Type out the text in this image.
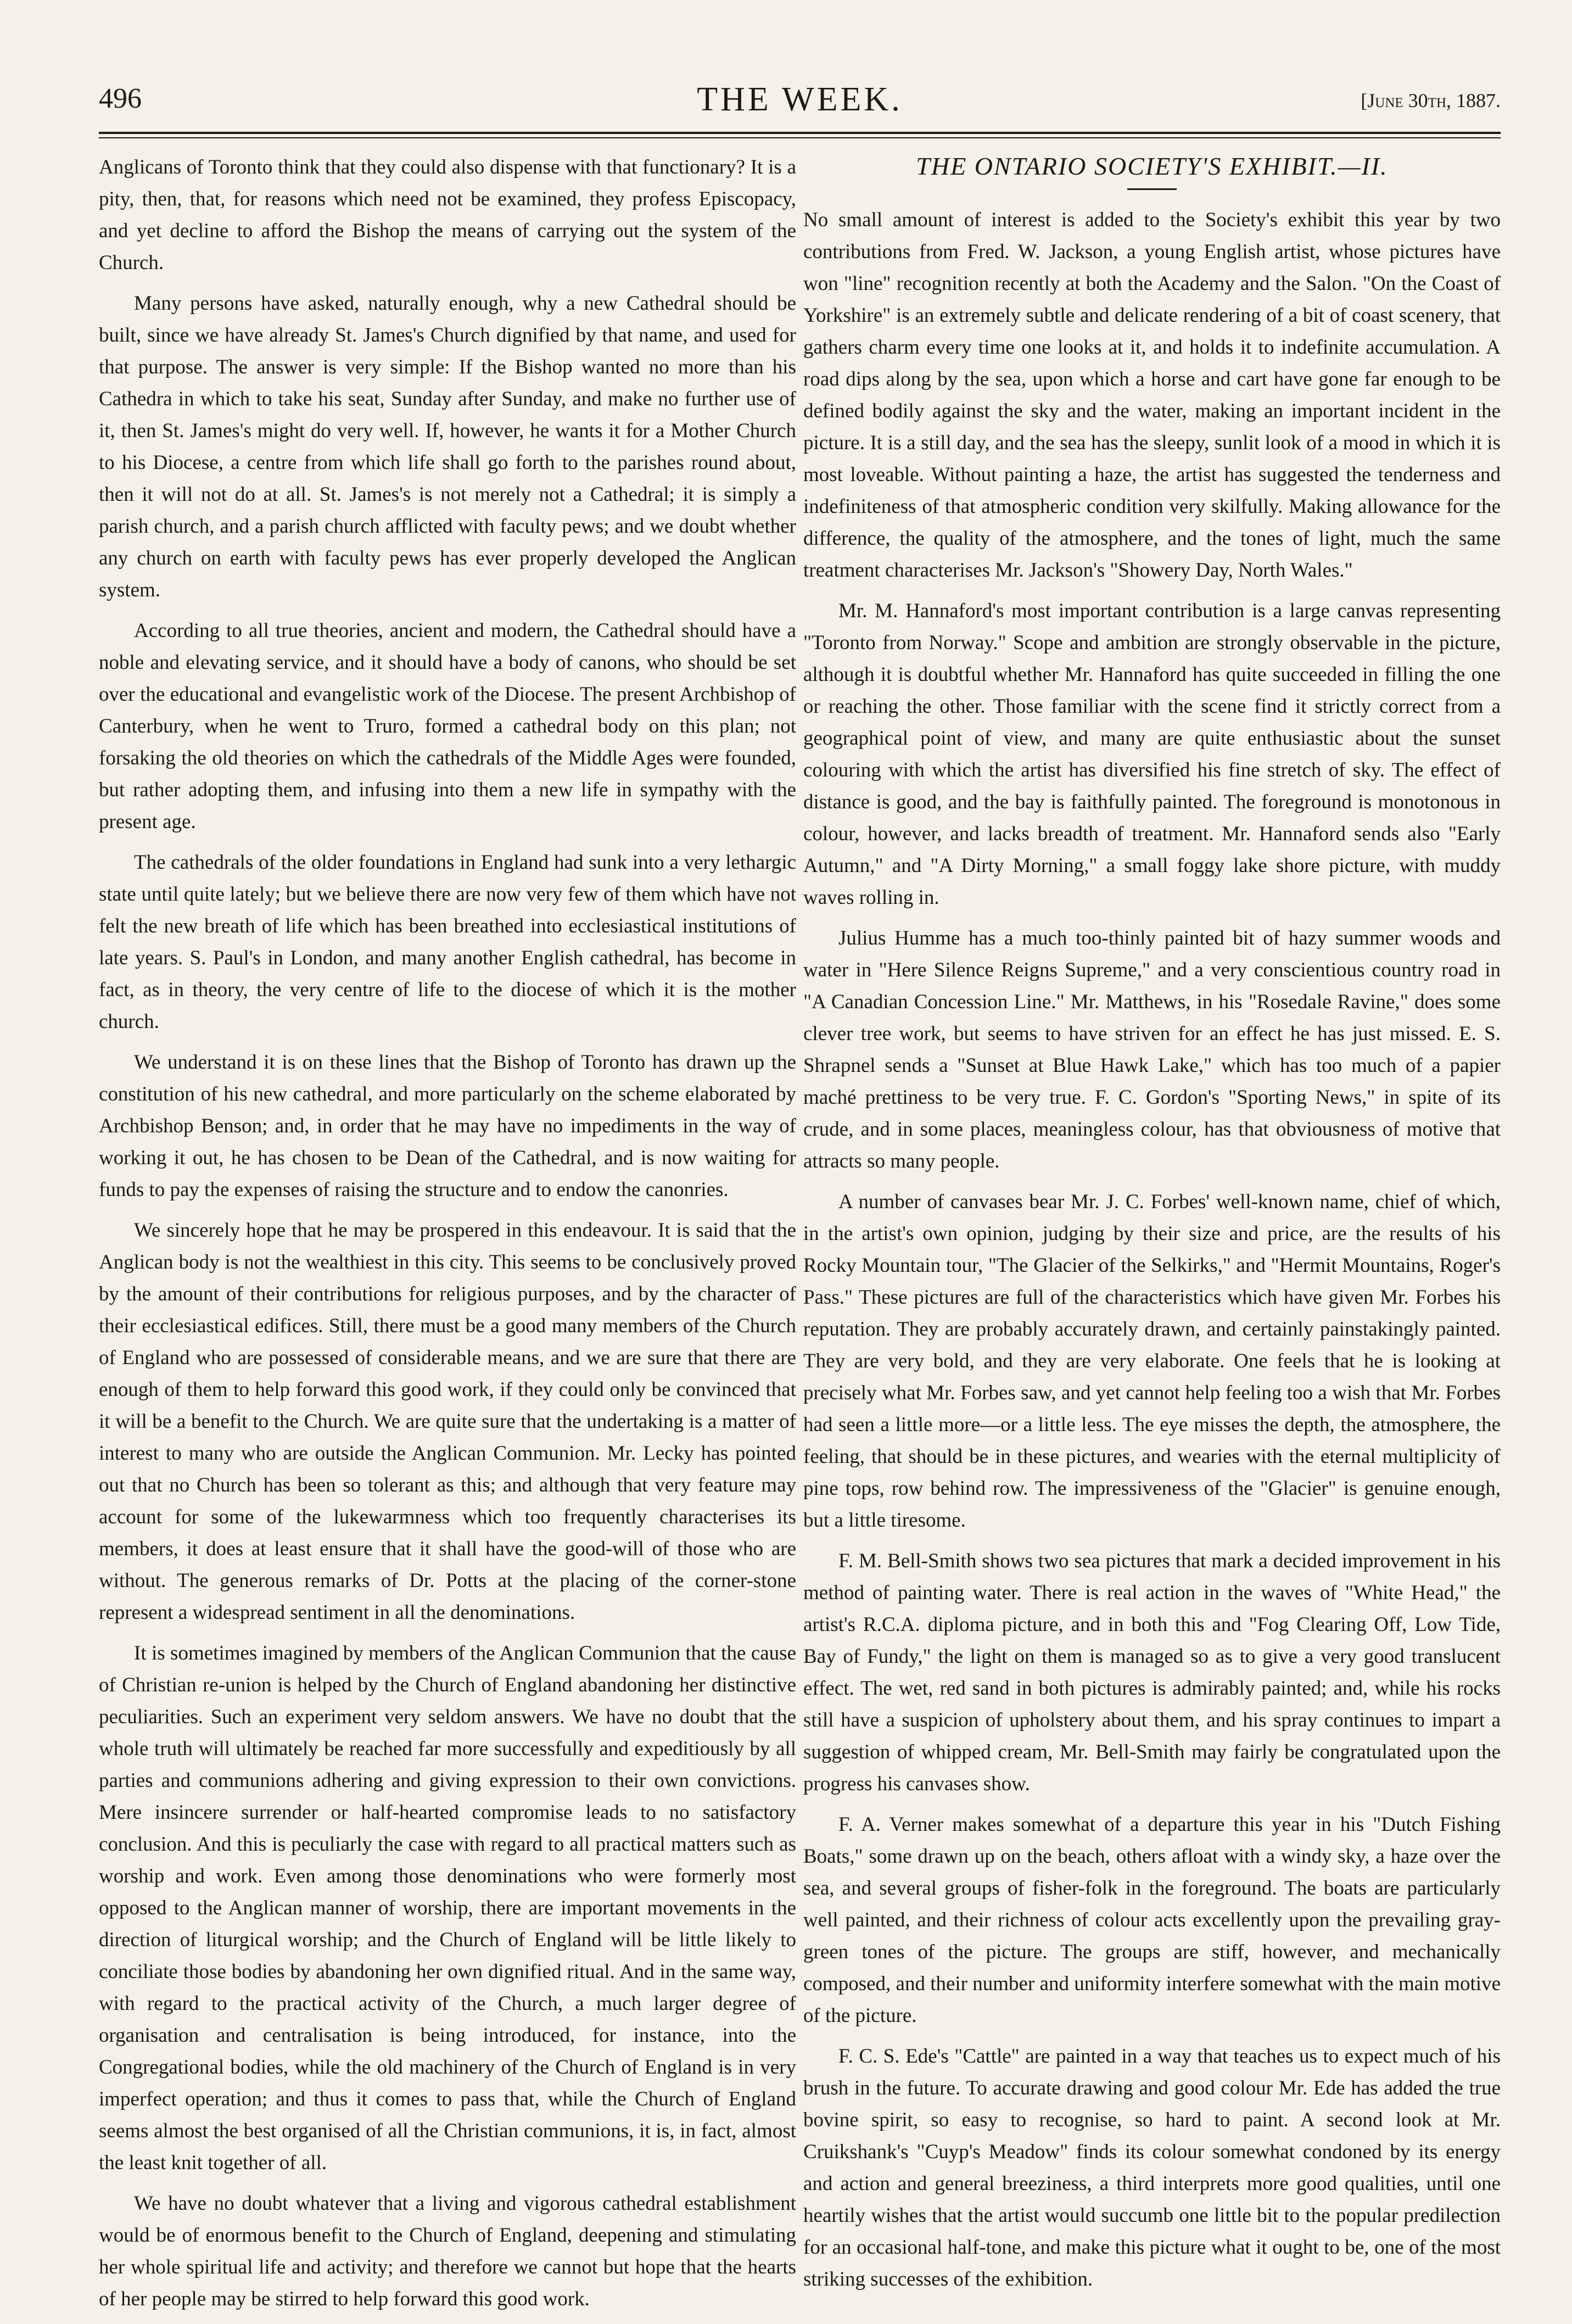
496	THE WEEK.	[June 30th, 1887.

Anglicans of Toronto think that they could also dispense with that functionary? It is a pity, then, that, for reasons which need not be examined, they profess Episcopacy, and yet decline to afford the Bishop the means of carrying out the system of the Church.

Many persons have asked, naturally enough, why a new Cathedral should be built, since we have already St. James's Church dignified by that name, and used for that purpose. The answer is very simple: If the Bishop wanted no more than his Cathedra in which to take his seat, Sunday after Sunday, and make no further use of it, then St. James's might do very well. If, however, he wants it for a Mother Church to his Diocese, a centre from which life shall go forth to the parishes round about, then it will not do at all. St. James's is not merely not a Cathedral; it is simply a parish church, and a parish church afflicted with faculty pews; and we doubt whether any church on earth with faculty pews has ever properly developed the Anglican system.

According to all true theories, ancient and modern, the Cathedral should have a noble and elevating service, and it should have a body of canons, who should be set over the educational and evangelistic work of the Diocese. The present Archbishop of Canterbury, when he went to Truro, formed a cathedral body on this plan; not forsaking the old theories on which the cathedrals of the Middle Ages were founded, but rather adopting them, and infusing into them a new life in sympathy with the present age.

The cathedrals of the older foundations in England had sunk into a very lethargic state until quite lately; but we believe there are now very few of them which have not felt the new breath of life which has been breathed into ecclesiastical institutions of late years. S. Paul's in London, and many another English cathedral, has become in fact, as in theory, the very centre of life to the diocese of which it is the mother church.

We understand it is on these lines that the Bishop of Toronto has drawn up the constitution of his new cathedral, and more particularly on the scheme elaborated by Archbishop Benson; and, in order that he may have no impediments in the way of working it out, he has chosen to be Dean of the Cathedral, and is now waiting for funds to pay the expenses of raising the structure and to endow the canonries.

We sincerely hope that he may be prospered in this endeavour. It is said that the Anglican body is not the wealthiest in this city. This seems to be conclusively proved by the amount of their contributions for religious purposes, and by the character of their ecclesiastical edifices. Still, there must be a good many members of the Church of England who are possessed of considerable means, and we are sure that there are enough of them to help forward this good work, if they could only be convinced that it will be a benefit to the Church. We are quite sure that the undertaking is a matter of interest to many who are outside the Anglican Communion. Mr. Lecky has pointed out that no Church has been so tolerant as this; and although that very feature may account for some of the lukewarmness which too frequently characterises its members, it does at least ensure that it shall have the good-will of those who are without. The generous remarks of Dr. Potts at the placing of the corner-stone represent a widespread sentiment in all the denominations.

It is sometimes imagined by members of the Anglican Communion that the cause of Christian re-union is helped by the Church of England abandoning her distinctive peculiarities. Such an experiment very seldom answers. We have no doubt that the whole truth will ultimately be reached far more successfully and expeditiously by all parties and communions adhering and giving expression to their own convictions. Mere insincere surrender or half-hearted compromise leads to no satisfactory conclusion. And this is peculiarly the case with regard to all practical matters such as worship and work. Even among those denominations who were formerly most opposed to the Anglican manner of worship, there are important movements in the direction of liturgical worship; and the Church of England will be little likely to conciliate those bodies by abandoning her own dignified ritual. And in the same way, with regard to the practical activity of the Church, a much larger degree of organisation and centralisation is being introduced, for instance, into the Congregational bodies, while the old machinery of the Church of England is in very imperfect operation; and thus it comes to pass that, while the Church of England seems almost the best organised of all the Christian communions, it is, in fact, almost the least knit together of all.

We have no doubt whatever that a living and vigorous cathedral establishment would be of enormous benefit to the Church of England, deepening and stimulating her whole spiritual life and activity; and therefore we cannot but hope that the hearts of her people may be stirred to help forward this good work.

THE ONTARIO SOCIETY'S EXHIBIT.—II.

No small amount of interest is added to the Society's exhibit this year by two contributions from Fred. W. Jackson, a young English artist, whose pictures have won "line" recognition recently at both the Academy and the Salon. "On the Coast of Yorkshire" is an extremely subtle and delicate rendering of a bit of coast scenery, that gathers charm every time one looks at it, and holds it to indefinite accumulation. A road dips along by the sea, upon which a horse and cart have gone far enough to be defined bodily against the sky and the water, making an important incident in the picture. It is a still day, and the sea has the sleepy, sunlit look of a mood in which it is most loveable. Without painting a haze, the artist has suggested the tenderness and indefiniteness of that atmospheric condition very skilfully. Making allowance for the difference, the quality of the atmosphere, and the tones of light, much the same treatment characterises Mr. Jackson's "Showery Day, North Wales."

Mr. M. Hannaford's most important contribution is a large canvas representing "Toronto from Norway." Scope and ambition are strongly observable in the picture, although it is doubtful whether Mr. Hannaford has quite succeeded in filling the one or reaching the other. Those familiar with the scene find it strictly correct from a geographical point of view, and many are quite enthusiastic about the sunset colouring with which the artist has diversified his fine stretch of sky. The effect of distance is good, and the bay is faithfully painted. The foreground is monotonous in colour, however, and lacks breadth of treatment. Mr. Hannaford sends also "Early Autumn," and "A Dirty Morning," a small foggy lake shore picture, with muddy waves rolling in.

Julius Humme has a much too-thinly painted bit of hazy summer woods and water in "Here Silence Reigns Supreme," and a very conscientious country road in "A Canadian Concession Line." Mr. Matthews, in his "Rosedale Ravine," does some clever tree work, but seems to have striven for an effect he has just missed. E. S. Shrapnel sends a "Sunset at Blue Hawk Lake," which has too much of a papier maché prettiness to be very true. F. C. Gordon's "Sporting News," in spite of its crude, and in some places, meaningless colour, has that obviousness of motive that attracts so many people.

A number of canvases bear Mr. J. C. Forbes' well-known name, chief of which, in the artist's own opinion, judging by their size and price, are the results of his Rocky Mountain tour, "The Glacier of the Selkirks," and "Hermit Mountains, Roger's Pass." These pictures are full of the characteristics which have given Mr. Forbes his reputation. They are probably accurately drawn, and certainly painstakingly painted. They are very bold, and they are very elaborate. One feels that he is looking at precisely what Mr. Forbes saw, and yet cannot help feeling too a wish that Mr. Forbes had seen a little more—or a little less. The eye misses the depth, the atmosphere, the feeling, that should be in these pictures, and wearies with the eternal multiplicity of pine tops, row behind row. The impressiveness of the "Glacier" is genuine enough, but a little tiresome.

F. M. Bell-Smith shows two sea pictures that mark a decided improvement in his method of painting water. There is real action in the waves of "White Head," the artist's R.C.A. diploma picture, and in both this and "Fog Clearing Off, Low Tide, Bay of Fundy," the light on them is managed so as to give a very good translucent effect. The wet, red sand in both pictures is admirably painted; and, while his rocks still have a suspicion of upholstery about them, and his spray continues to impart a suggestion of whipped cream, Mr. Bell-Smith may fairly be congratulated upon the progress his canvases show.

F. A. Verner makes somewhat of a departure this year in his "Dutch Fishing Boats," some drawn up on the beach, others afloat with a windy sky, a haze over the sea, and several groups of fisher-folk in the foreground. The boats are particularly well painted, and their richness of colour acts excellently upon the prevailing gray-green tones of the picture. The groups are stiff, however, and mechanically composed, and their number and uniformity interfere somewhat with the main motive of the picture.

F. C. S. Ede's "Cattle" are painted in a way that teaches us to expect much of his brush in the future. To accurate drawing and good colour Mr. Ede has added the true bovine spirit, so easy to recognise, so hard to paint. A second look at Mr. Cruikshank's "Cuyp's Meadow" finds its colour somewhat condoned by its energy and action and general breeziness, a third interprets more good qualities, until one heartily wishes that the artist would succumb one little bit to the popular predilection for an occasional half-tone, and make this picture what it ought to be, one of the most striking successes of the exhibition.
